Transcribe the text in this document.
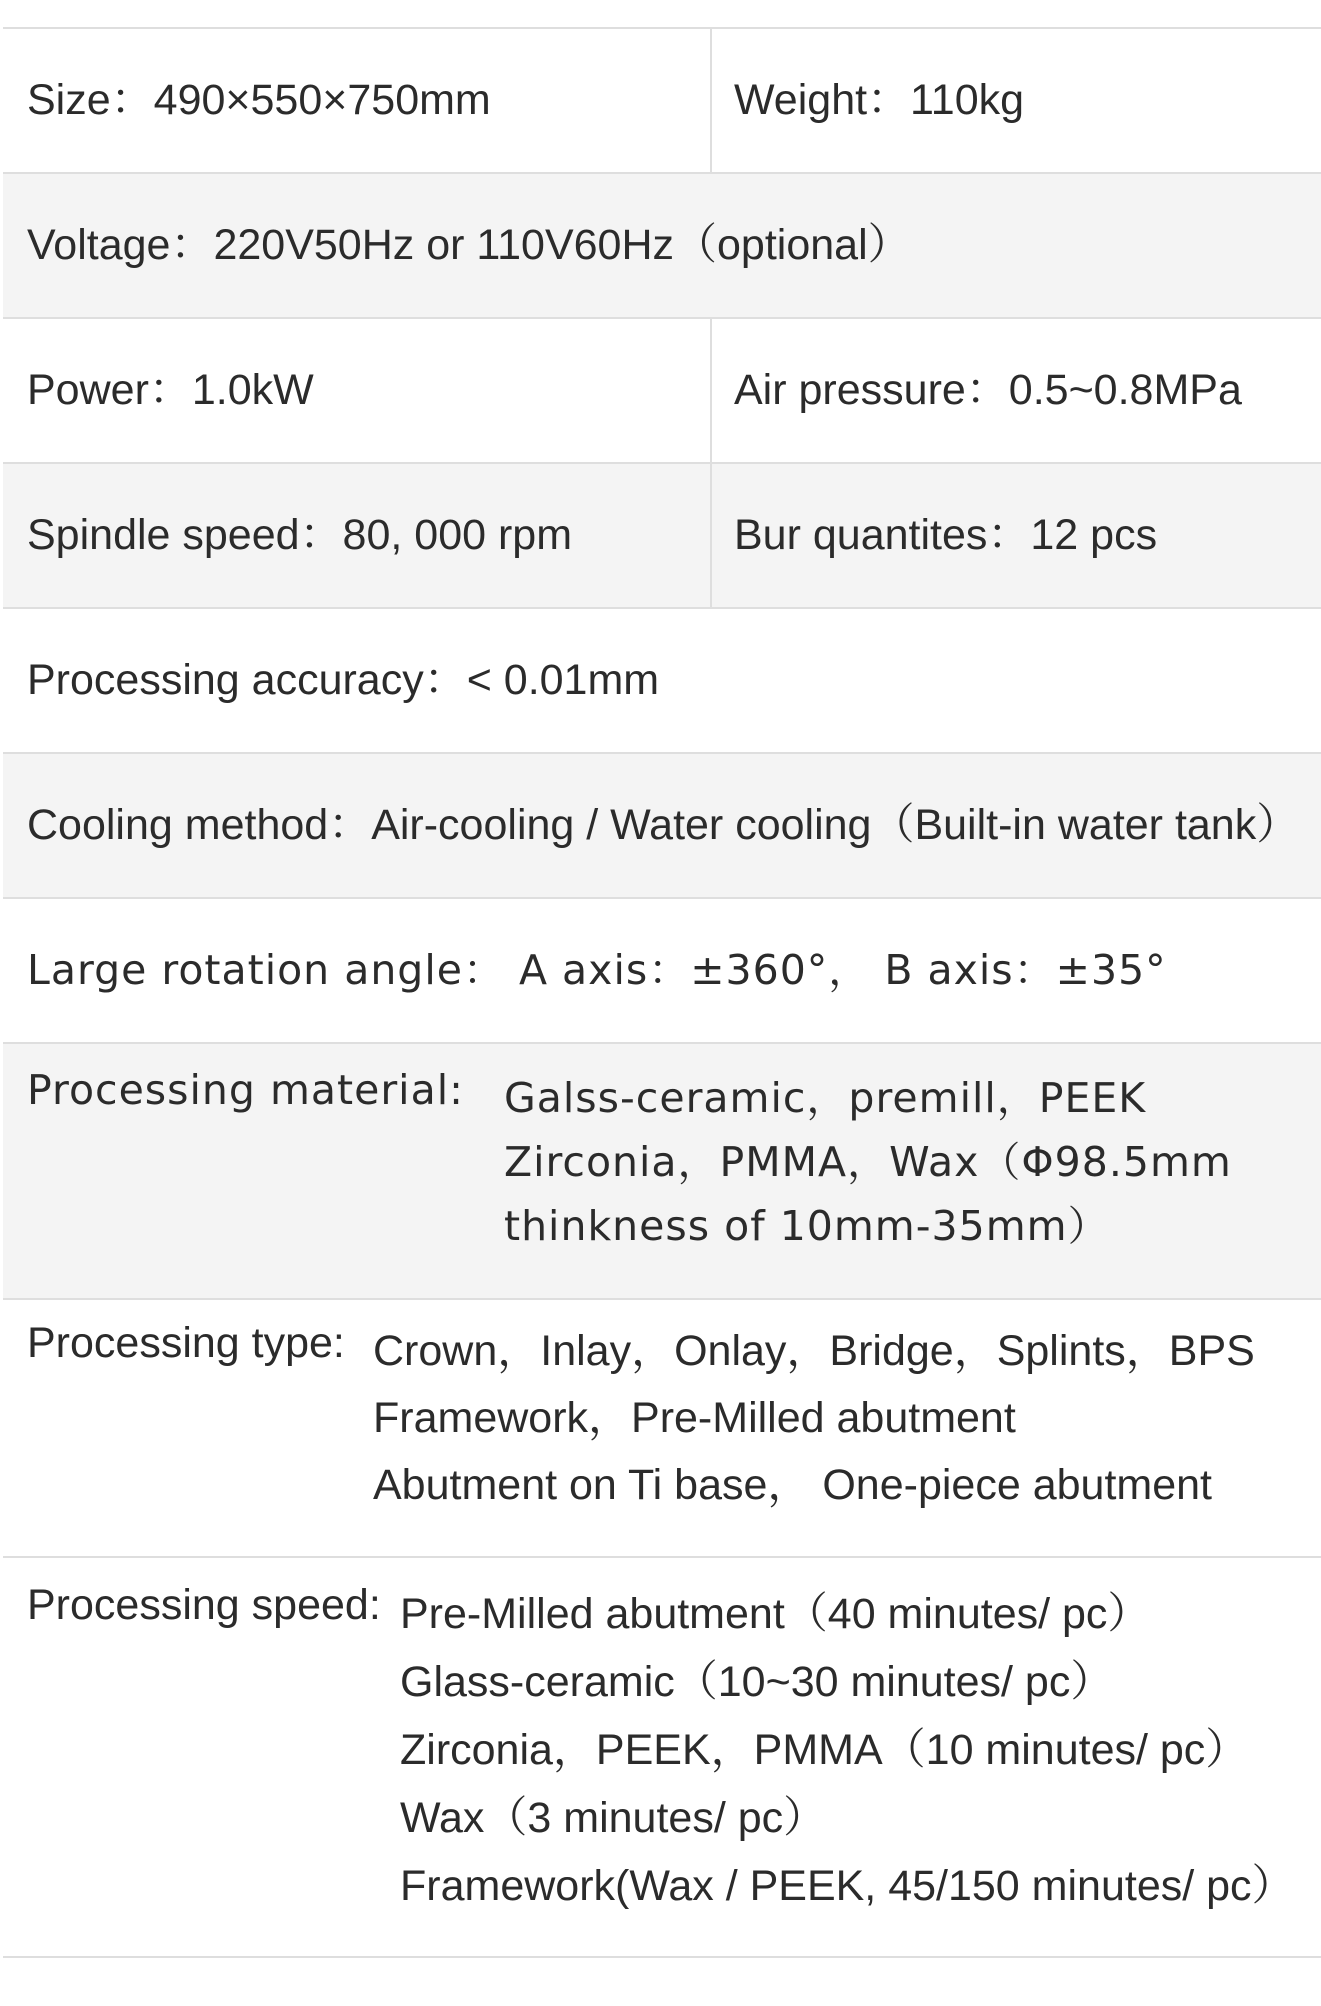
Size：490×550×750mm	Weight：110kg
Voltage：220V50Hz or 110V60Hz（optional）
Power：1.0kW	Air pressure：0.5~0.8MPa
Spindle speed：80, 000 rpm	Bur quantites：12 pcs
Processing accuracy：< 0.01mm
Cooling method：Air-cooling / Water cooling（Built-in water tank）
Large rotation angle： A axis：±360°， B axis：±35°
Processing material: Galss-ceramic，premill，PEEK
Zirconia，PMMA，Wax（Φ98.5mm
thinkness of 10mm-35mm）
Processing type: Crown，Inlay，Onlay，Bridge，Splints，BPS
Framework，Pre-Milled abutment
Abutment on Ti base， One-piece abutment
Processing speed: Pre-Milled abutment（40 minutes/ pc）
Glass-ceramic（10~30 minutes/ pc）
Zirconia，PEEK，PMMA（10 minutes/ pc）
Wax（3 minutes/ pc）
Framework(Wax / PEEK, 45/150 minutes/ pc）
